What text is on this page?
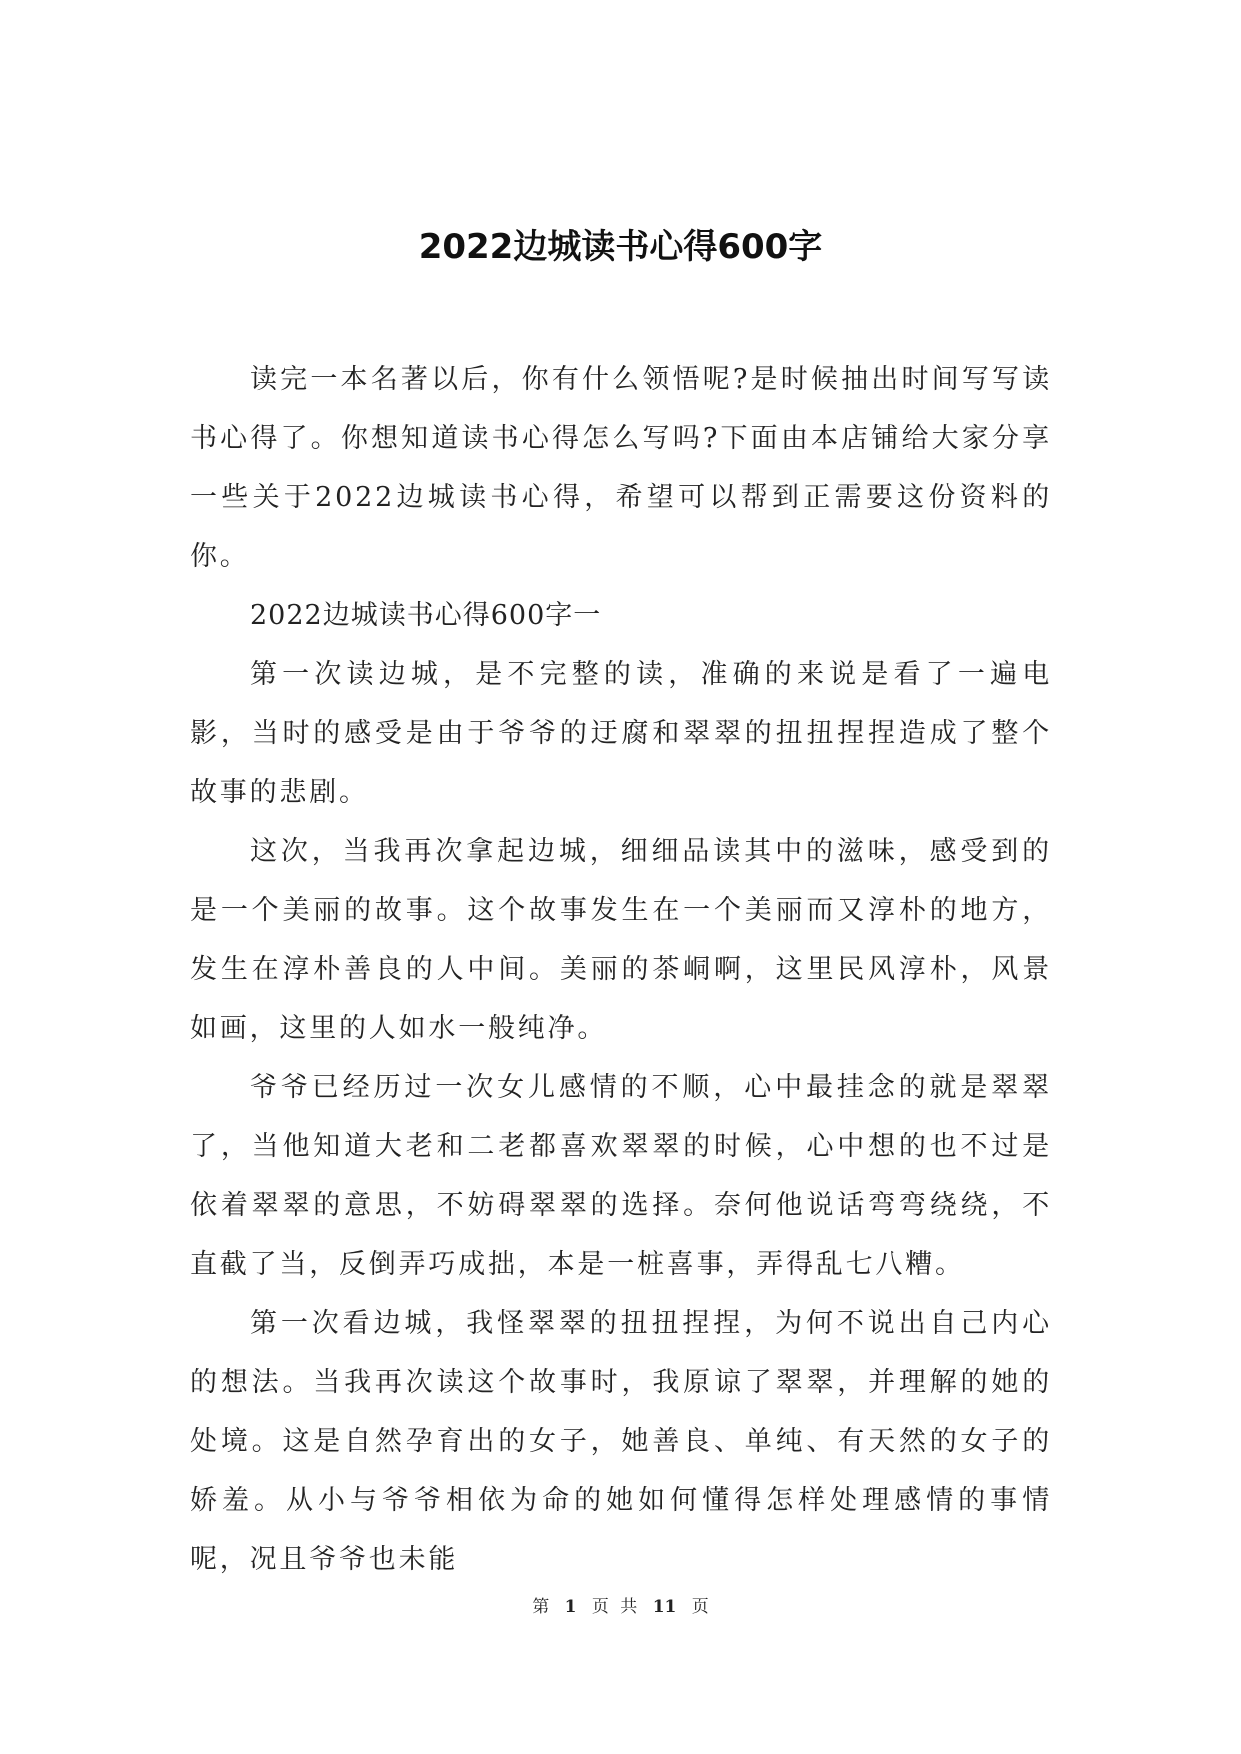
2022边城读书心得600字

读完一本名著以后，你有什么领悟呢?是时候抽出时间写写读书心得了。你想知道读书心得怎么写吗?下面由本店铺给大家分享一些关于2022边城读书心得，希望可以帮到正需要这份资料的你。

2022边城读书心得600字一

第一次读边城，是不完整的读，准确的来说是看了一遍电影，当时的感受是由于爷爷的迂腐和翠翠的扭扭捏捏造成了整个故事的悲剧。

这次，当我再次拿起边城，细细品读其中的滋味，感受到的是一个美丽的故事。这个故事发生在一个美丽而又淳朴的地方，发生在淳朴善良的人中间。美丽的茶峒啊，这里民风淳朴，风景如画，这里的人如水一般纯净。

爷爷已经历过一次女儿感情的不顺，心中最挂念的就是翠翠了，当他知道大老和二老都喜欢翠翠的时候，心中想的也不过是依着翠翠的意思，不妨碍翠翠的选择。奈何他说话弯弯绕绕，不直截了当，反倒弄巧成拙，本是一桩喜事，弄得乱七八糟。

第一次看边城，我怪翠翠的扭扭捏捏，为何不说出自己内心的想法。当我再次读这个故事时，我原谅了翠翠，并理解的她的处境。这是自然孕育出的女子，她善良、单纯、有天然的女子的娇羞。从小与爷爷相依为命的她如何懂得怎样处理感情的事情呢，况且爷爷也未能

第 1 页 共 11 页
